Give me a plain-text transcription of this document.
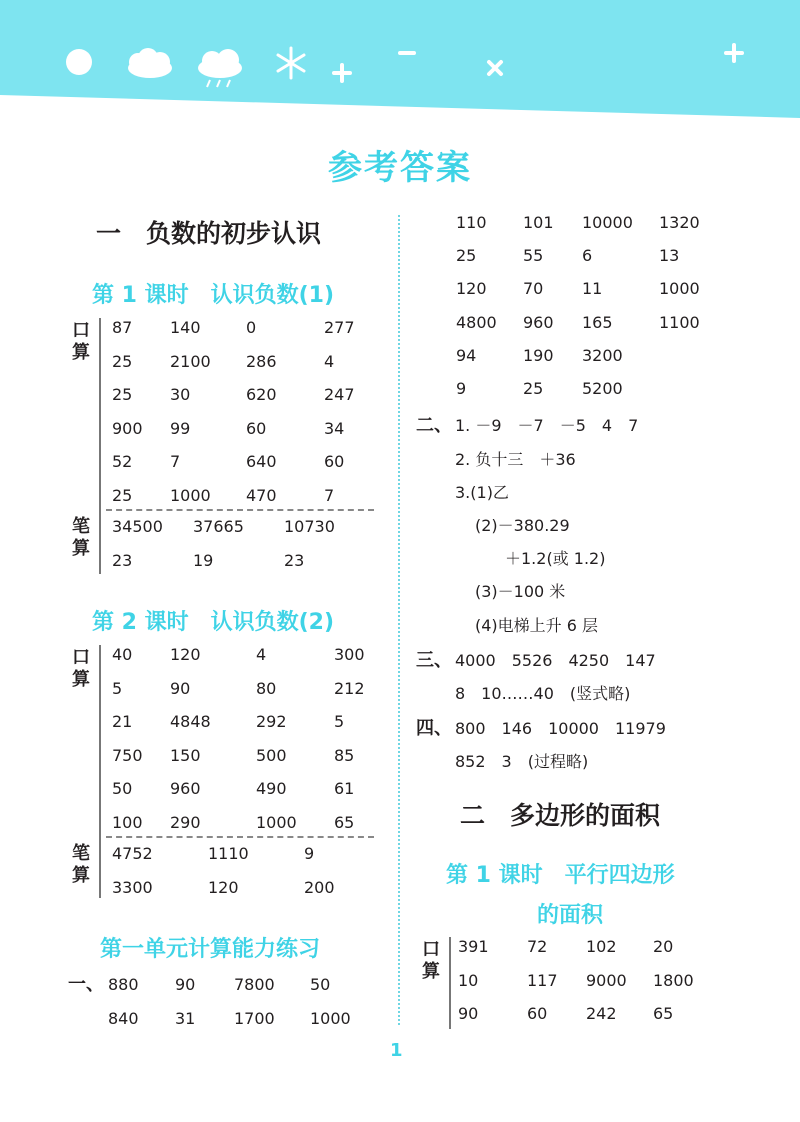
参考答案
一　负数的初步认识
第 1 课时　认识负数(1)
口
算
笔
算
87 140	0	277
25 2100 286	4
25 30	620	247
900 99	60	34
52 7	640	60
25 1000 470	7
34500 37665	10730
23	19	23
第 2 课时　认识负数(2)
口
算
笔
算
40 120	4	300
5	90	80	212
21 4848	292	5
750 150	500	85
50 960	490	61
100 290	1000 65
4752	1110	9
3300	120	200
第一单元计算能力练习
一、 880 90 7800 50
840 31 1700 1000
110 101 10000 1320
25	55 6	13
120 70 11	1000
4800 960 165	1100
94	190 3200
9	25 5200
二、 1. －9　－7　－5　4　7
2. 负十三　＋36
3.(1)乙
(2)－380.29
＋1.2(或 1.2)
(3)－100 米
(4)电梯上升 6 层
三、 4000　5526　4250　147
8　10……40　(竖式略)
四、 800　146　10000　11979
852　3　(过程略)
二　多边形的面积
第 1 课时　平行四边形
的面积
口
算
391 72 102 20
10	117 9000 1800
90	60 242 65
1
